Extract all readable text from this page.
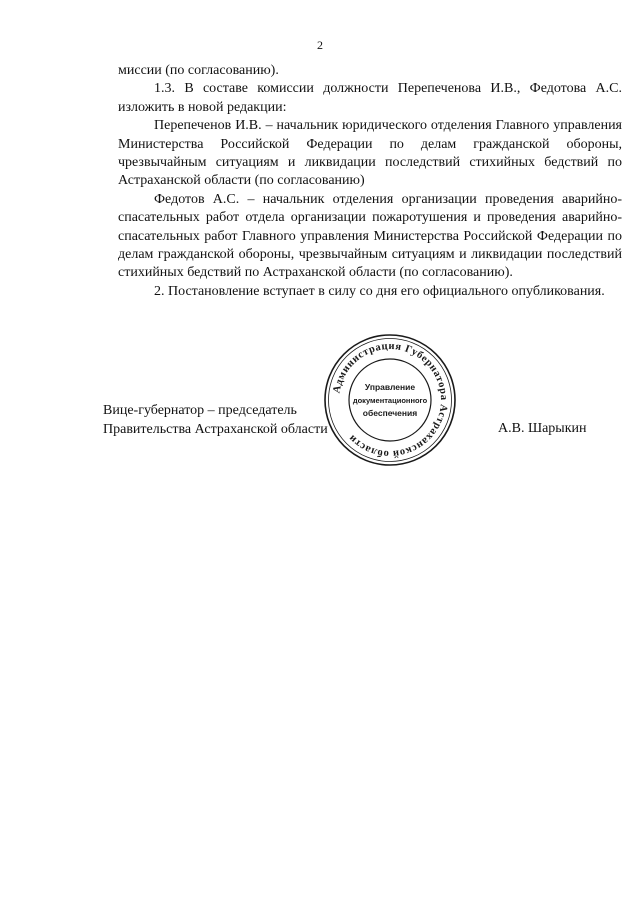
2

миссии (по согласованию).

1.3. В составе комиссии должности Перепеченова И.В., Федотова А.С. изложить в новой редакции:

Перепеченов И.В. – начальник юридического отделения Главного управления Министерства Российской Федерации по делам гражданской обороны, чрезвычайным ситуациям и ликвидации последствий стихийных бедствий по Астраханской области (по согласованию)

Федотов А.С. – начальник отделения организации проведения аварийно-спасательных работ отдела организации пожаротушения и проведения аварийно-спасательных работ Главного управления Министерства Российской Федерации по делам гражданской обороны, чрезвычайным ситуациям и ликвидации последствий стихийных бедствий по Астраханской области (по согласованию).

2. Постановление вступает в силу со дня его официального опубликования.

Вице-губернатор – председатель
Правительства Астраханской области	А.В. Шарыкин
Администрация Губернатора Астраханской области
Управление
документационного
обеспечения
